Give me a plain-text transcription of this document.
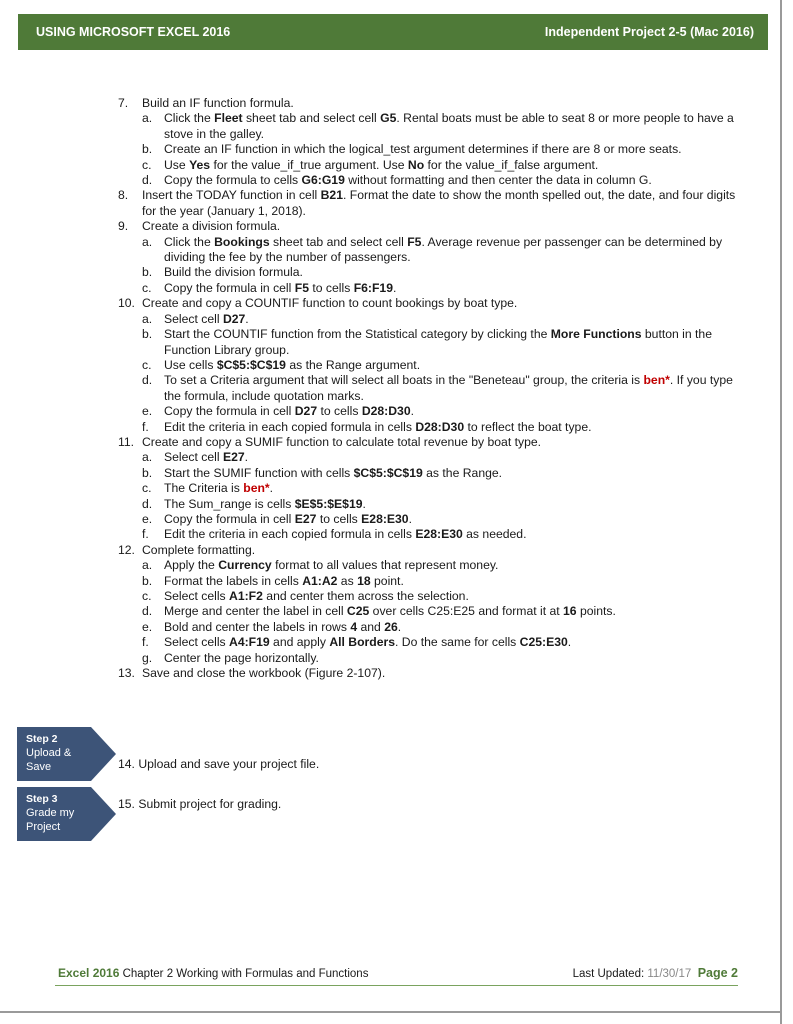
USING MICROSOFT EXCEL 2016	Independent Project 2-5 (Mac 2016)
7.	Build an IF function formula.
a. Click the Fleet sheet tab and select cell G5. Rental boats must be able to seat 8 or more people to have a stove in the galley.
b. Create an IF function in which the logical_test argument determines if there are 8 or more seats.
c.	Use Yes for the value_if_true argument. Use No for the value_if_false argument.
d. Copy the formula to cells G6:G19 without formatting and then center the data in column G.
8.	Insert the TODAY function in cell B21. Format the date to show the month spelled out, the date, and four digits for the year (January 1, 2018).
9.	Create a division formula.
a. Click the Bookings sheet tab and select cell F5. Average revenue per passenger can be determined by dividing the fee by the number of passengers.
b. Build the division formula.
c.	Copy the formula in cell F5 to cells F6:F19.
10. Create and copy a COUNTIF function to count bookings by boat type.
a. Select cell D27.
b. Start the COUNTIF function from the Statistical category by clicking the More Functions button in the Function Library group.
c.	Use cells $C$5:$C$19 as the Range argument.
d. To set a Criteria argument that will select all boats in the "Beneteau" group, the criteria is ben*. If you type the formula, include quotation marks.
e. Copy the formula in cell D27 to cells D28:D30.
f.	Edit the criteria in each copied formula in cells D28:D30 to reflect the boat type.
11. Create and copy a SUMIF function to calculate total revenue by boat type.
a. Select cell E27.
b. Start the SUMIF function with cells $C$5:$C$19 as the Range.
c.	The Criteria is ben*.
d. The Sum_range is cells $E$5:$E$19.
e. Copy the formula in cell E27 to cells E28:E30.
f.	Edit the criteria in each copied formula in cells E28:E30 as needed.
12. Complete formatting.
a. Apply the Currency format to all values that represent money.
b. Format the labels in cells A1:A2 as 18 point.
c.	Select cells A1:F2 and center them across the selection.
d. Merge and center the label in cell C25 over cells C25:E25 and format it at 16 points.
e. Bold and center the labels in rows 4 and 26.
f.	Select cells A4:F19 and apply All Borders. Do the same for cells C25:E30.
g. Center the page horizontally.
13. Save and close the workbook (Figure 2-107).
Step 2
Upload &
Save	14. Upload and save your project file.
Step 3
Grade my
Project
15. Submit project for grading.
Excel 2016 Chapter 2 Working with Formulas and Functions	Last Updated: 11/30/17 Page 2
